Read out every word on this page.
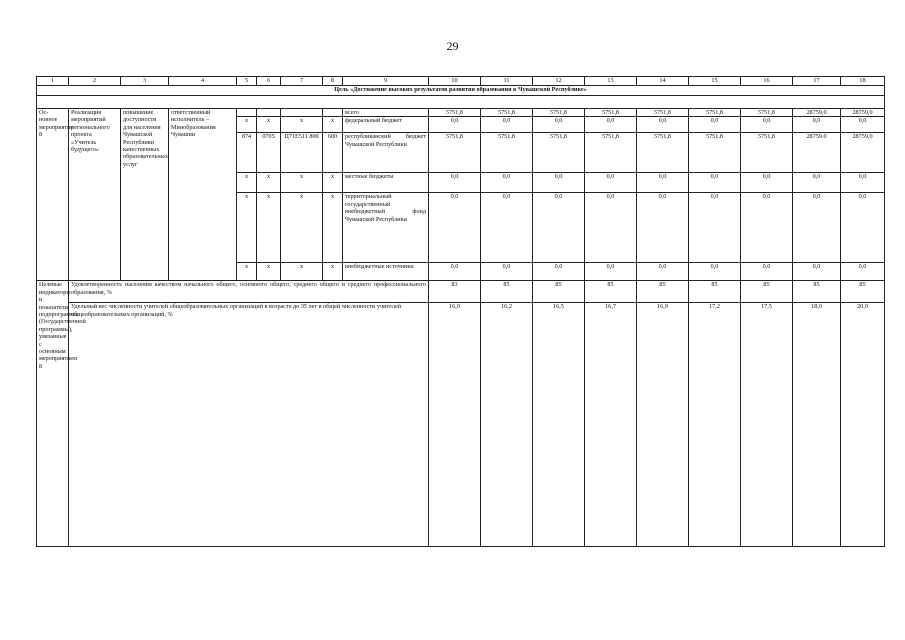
29
1	2	3	4	5	6	7	8	9	10	11	12	13	14	15	16	17	18
Цель «Достижение высоких результатов развития образования в Чувашской Республике»																	

Ос-новное мероприятие 8	Реализация мероприятий регионального проекта «Учитель будущего»	повышение доступности для населения Чувашской Республики качественных образовательных услуг	ответственный исполнитель – Минобразования Чувашии					всего	5751,8	5751,8	5751,8	5751,8	5751,8	5751,8	5751,8	28759,0	28759,0
				x	x	x	x	федеральный бюджет	0,0	0,0	0,0	0,0	0,0	0,0	0,0	0,0	0,0
				874	0705	Ц71Е511 800	600	республиканский бюджет Чувашской Республики	5751,8	5751.8	5751,8	5751,8	5751,8	5751.8	5751,8	28759.0	28759,0
				x	x	x	x	местные бюджеты	0,0	0,0	0,0	0,0	0,0	0,0	0,0	0,0	0,0
				x	x	x	x	территориальный государственный внебюджетный фонд Чувашской Республики	0,0	0,0	0,0	0,0	0,0	0,0	0,0	0,0	0,0
				x	x	x	x	внебюджетные источники	0,0	0,0	0,0	0,0	0,0	0,0	0,0	0,0	0,0
Целевые индикаторы и показатели подпрограммы (Государственной программы), увязанные с основным мероприятием 8	Удовлетворенность населения качеством начального общего, основного общего, среднего общего и среднего профессионального образования, %								83	85	85	85	85	85	85	85	85
	Удельный вес численности учителей общеобразовательных организаций в возрасте до 35 лет в общей численности учителей общеобразовательных организаций, %								16,0	16,2	16,5	16,7	16,9	17,2	17,5	18,0	20,0
